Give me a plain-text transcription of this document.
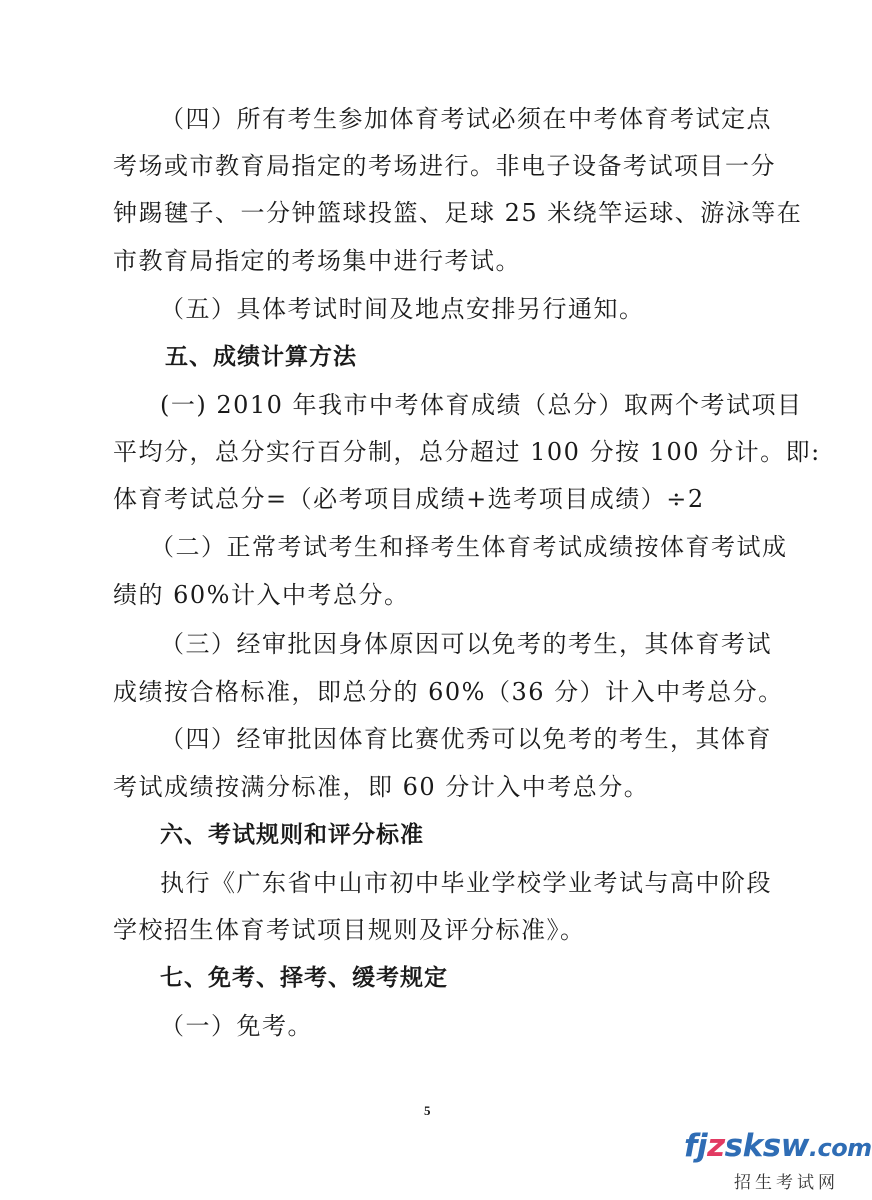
（四）所有考生参加体育考试必须在中考体育考试定点
考场或市教育局指定的考场进行。非电子设备考试项目一分
钟踢毽子、一分钟篮球投篮、足球 25 米绕竿运球、游泳等在
市教育局指定的考场集中进行考试。
（五）具体考试时间及地点安排另行通知。
五、成绩计算方法
(一) 2010 年我市中考体育成绩（总分）取两个考试项目
平均分，总分实行百分制，总分超过 100 分按 100 分计。即:
体育考试总分=（必考项目成绩+选考项目成绩）÷2
（二）正常考试考生和择考生体育考试成绩按体育考试成
绩的 60%计入中考总分。
（三）经审批因身体原因可以免考的考生，其体育考试
成绩按合格标准，即总分的 60%（36 分）计入中考总分。
（四）经审批因体育比赛优秀可以免考的考生，其体育
考试成绩按满分标准，即 60 分计入中考总分。
六、考试规则和评分标准
执行《广东省中山市初中毕业学校学业考试与高中阶段
学校招生体育考试项目规则及评分标准》。
七、免考、择考、缓考规定
（一）免考。
5
fjzsksw.com
招生考试网
